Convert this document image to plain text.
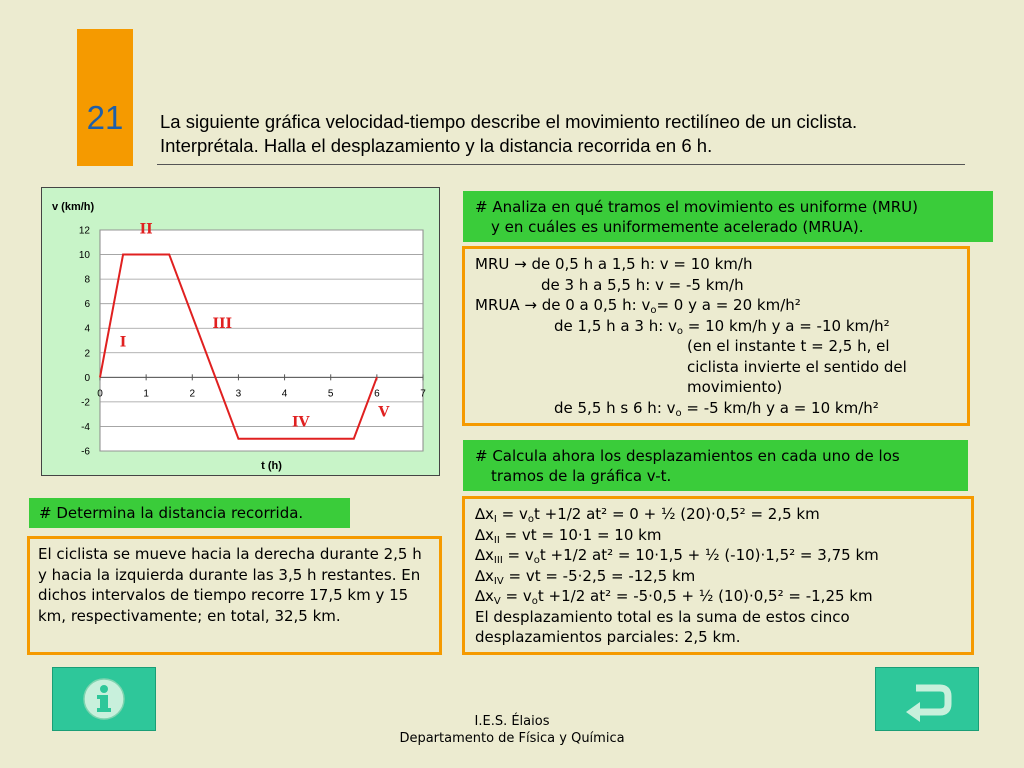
21	La siguiente gráfica velocidad-tiempo describe el movimiento rectilíneo de un ciclista.
Interprétala. Halla el desplazamiento y la distancia recorrida en 6 h.
12
10
8
6
4
2
0
-2
-4
-6
0	1	2	3	4	5	6	7
I
II
III
IV
V
v (km/h)
t (h)
# Analiza en qué tramos el movimiento es uniforme (MRU)
y en cuáles es uniformemente acelerado (MRUA).
MRU → de 0,5 h a 1,5 h: v = 10 km/h
de 3 h a 5,5 h: v = -5 km/h
MRUA → de 0 a 0,5 h: $v_o= 0$ y a = 20 km/h²
de 1,5 h a 3 h: $v_o = 10$ km/h y a = -10 km/h²
(en el instante t = 2,5 h, el
ciclista invierte el sentido del
movimiento)
de 5,5 h s 6 h: $v_o = -5$ km/h y a = 10 km/h²
# Calcula ahora los desplazamientos en cada uno de los
tramos de la gráfica v-t.
$\Delta x_I = v_ot +1/2$ at² = 0 + ½ (20)·0,5² = 2,5 km
$\Delta x_{II}$ = vt = 10·1 = 10 km
$\Delta x_{III} = v_ot +1/2$ at² = 10·1,5 + ½ (-10)·1,5² = 3,75 km
$\Delta x_{IV}$ = vt = -5·2,5 = -12,5 km
$\Delta x_V = v_ot +1/2$ at² = -5·0,5 + ½ (10)·0,5² = -1,25 km
El desplazamiento total es la suma de estos cinco
desplazamientos parciales: 2,5 km.
# Determina la distancia recorrida.
El ciclista se mueve hacia la derecha durante 2,5 h y hacia la izquierda durante las 3,5 h restantes. En dichos intervalos de tiempo recorre 17,5 km y 15 km, respectivamente; en total, 32,5 km.
I.E.S. Élaios
Departamento de Física y Química
